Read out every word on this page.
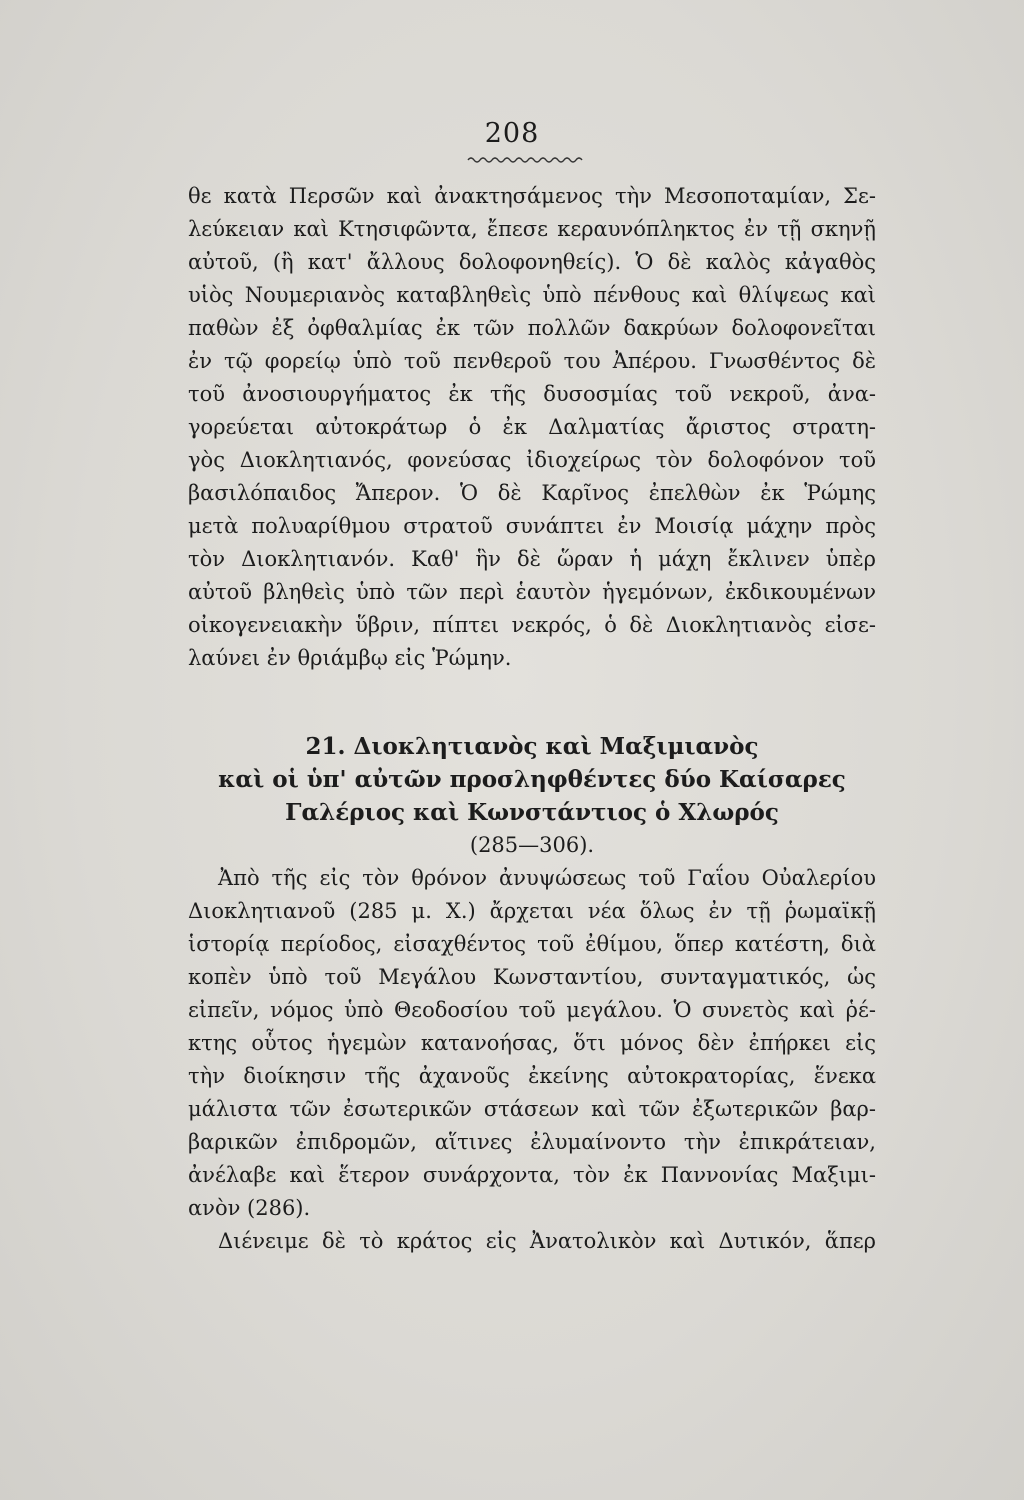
208
θε κατὰ Περσῶν καὶ ἀνακτησάμενος τὴν Μεσοποταμίαν, Σε-
λεύκειαν καὶ Κτησιφῶντα, ἔπεσε κεραυνόπληκτος ἐν τῇ σκηνῇ
αὐτοῦ, (ἢ κατ' ἄλλους δολοφονηθείς). Ὁ δὲ καλὸς κἀγαθὸς
υἱὸς Νουμεριανὸς καταβληθεὶς ὑπὸ πένθους καὶ θλίψεως καὶ
παθὼν ἐξ ὀφθαλμίας ἐκ τῶν πολλῶν δακρύων δολοφονεῖται
ἐν τῷ φορείῳ ὑπὸ τοῦ πενθεροῦ του Ἀπέρου. Γνωσθέντος δὲ
τοῦ ἀνοσιουργήματος ἐκ τῆς δυσοσμίας τοῦ νεκροῦ, ἀνα-
γορεύεται αὐτοκράτωρ ὁ ἐκ Δαλματίας ἄριστος στρατη-
γὸς Διοκλητιανός, φονεύσας ἰδιοχείρως τὸν δολοφόνον τοῦ
βασιλόπαιδος Ἄπερον. Ὁ δὲ Καρῖνος ἐπελθὼν ἐκ Ῥώμης
μετὰ πολυαρίθμου στρατοῦ συνάπτει ἐν Μοισίᾳ μάχην πρὸς
τὸν Διοκλητιανόν. Καθ' ἣν δὲ ὥραν ἡ μάχη ἔκλινεν ὑπὲρ
αὐτοῦ βληθεὶς ὑπὸ τῶν περὶ ἑαυτὸν ἡγεμόνων, ἐκδικουμένων
οἰκογενειακὴν ὕβριν, πίπτει νεκρός, ὁ δὲ Διοκλητιανὸς εἰσε-
λαύνει ἐν θριάμβῳ εἰς Ῥώμην.
21. Διοκλητιανὸς καὶ Μαξιμιανὸς
καὶ οἱ ὑπ' αὐτῶν προσληφθέντες δύο Καίσαρες
Γαλέριος καὶ Κωνστάντιος ὁ Χλωρός
(285—306).
Ἀπὸ τῆς εἰς τὸν θρόνον ἀνυψώσεως τοῦ Γαΐου Οὐαλερίου
Διοκλητιανοῦ (285 μ. Χ.) ἄρχεται νέα ὅλως ἐν τῇ ῥωμαϊκῇ
ἱστορίᾳ περίοδος, εἰσαχθέντος τοῦ ἐθίμου, ὅπερ κατέστη, διὰ
κοπὲν ὑπὸ τοῦ Μεγάλου Κωνσταντίου, συνταγματικός, ὡς
εἰπεῖν, νόμος ὑπὸ Θεοδοσίου τοῦ μεγάλου. Ὁ συνετὸς καὶ ῥέ-
κτης οὗτος ἡγεμὼν κατανοήσας, ὅτι μόνος δὲν ἐπήρκει εἰς
τὴν διοίκησιν τῆς ἀχανοῦς ἐκείνης αὐτοκρατορίας, ἕνεκα
μάλιστα τῶν ἐσωτερικῶν στάσεων καὶ τῶν ἐξωτερικῶν βαρ-
βαρικῶν ἐπιδρομῶν, αἵτινες ἐλυμαίνοντο τὴν ἐπικράτειαν,
ἀνέλαβε καὶ ἕτερον συνάρχοντα, τὸν ἐκ Παννονίας Μαξιμι-
ανὸν (286).
Διένειμε δὲ τὸ κράτος εἰς Ἀνατολικὸν καὶ Δυτικόν, ἅπερ
